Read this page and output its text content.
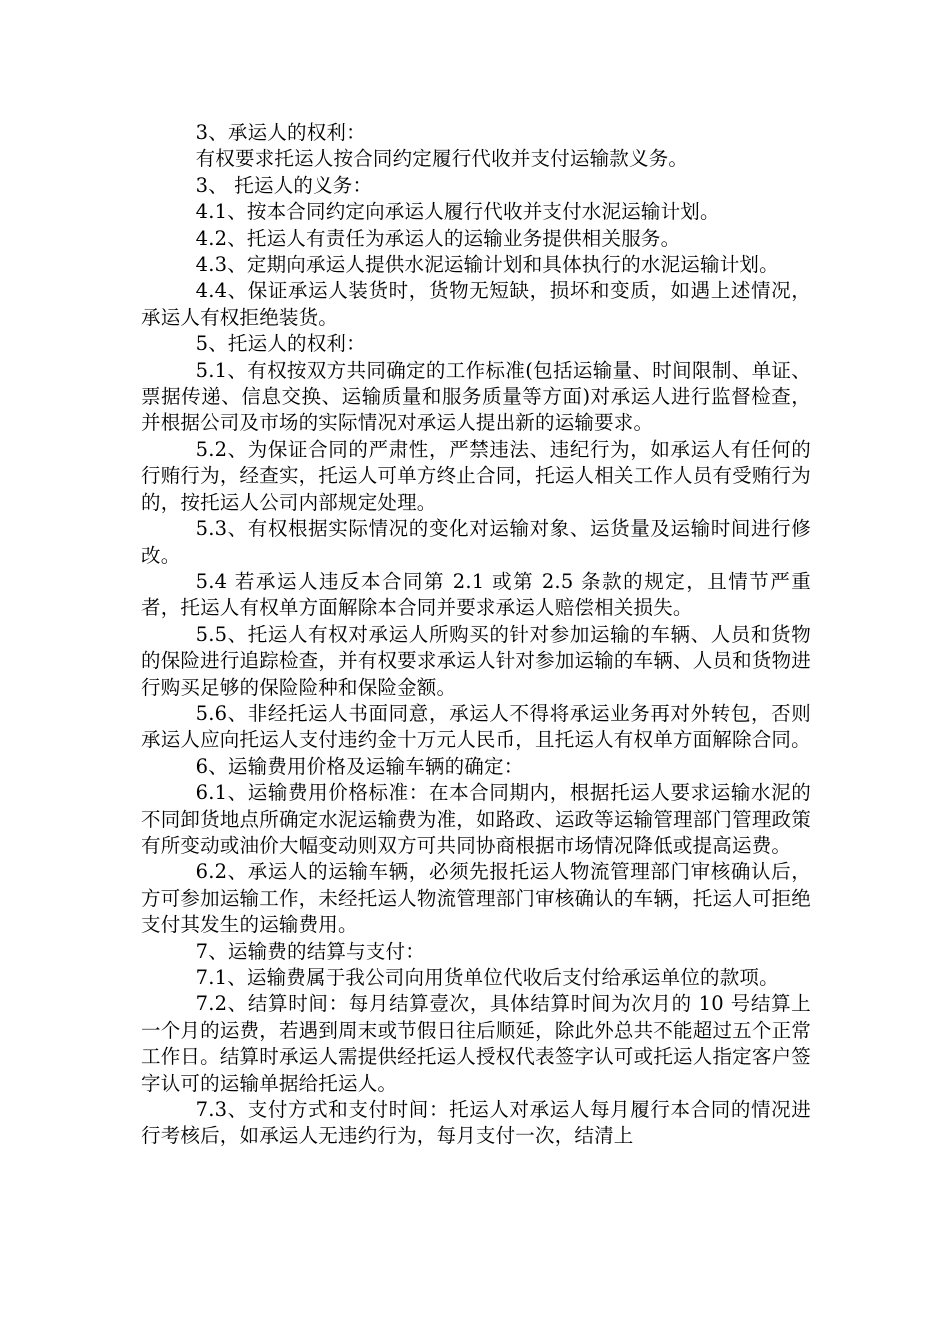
3、承运人的权利：

有权要求托运人按合同约定履行代收并支付运输款义务。

3、 托运人的义务：

4.1、按本合同约定向承运人履行代收并支付水泥运输计划。

4.2、托运人有责任为承运人的运输业务提供相关服务。

4.3、定期向承运人提供水泥运输计划和具体执行的水泥运输计划。

4.4、保证承运人装货时，货物无短缺，损坏和变质，如遇上述情况，承运人有权拒绝装货。

5、托运人的权利：

5.1、有权按双方共同确定的工作标准(包括运输量、时间限制、单证、票据传递、信息交换、运输质量和服务质量等方面)对承运人进行监督检查，并根据公司及市场的实际情况对承运人提出新的运输要求。

5.2、为保证合同的严肃性，严禁违法、违纪行为，如承运人有任何的行贿行为，经查实，托运人可单方终止合同，托运人相关工作人员有受贿行为的，按托运人公司内部规定处理。

5.3、有权根据实际情况的变化对运输对象、运货量及运输时间进行修改。

5.4 若承运人违反本合同第 2.1 或第 2.5 条款的规定，且情节严重者，托运人有权单方面解除本合同并要求承运人赔偿相关损失。

5.5、托运人有权对承运人所购买的针对参加运输的车辆、人员和货物的保险进行追踪检查，并有权要求承运人针对参加运输的车辆、人员和货物进行购买足够的保险险种和保险金额。

5.6、非经托运人书面同意，承运人不得将承运业务再对外转包，否则承运人应向托运人支付违约金十万元人民币，且托运人有权单方面解除合同。

6、运输费用价格及运输车辆的确定：

6.1、运输费用价格标准：在本合同期内，根据托运人要求运输水泥的不同卸货地点所确定水泥运输费为准，如路政、运政等运输管理部门管理政策有所变动或油价大幅变动则双方可共同协商根据市场情况降低或提高运费。

6.2、承运人的运输车辆，必须先报托运人物流管理部门审核确认后，方可参加运输工作，未经托运人物流管理部门审核确认的车辆，托运人可拒绝支付其发生的运输费用。

7、运输费的结算与支付：

7.1、运输费属于我公司向用货单位代收后支付给承运单位的款项。

7.2、结算时间：每月结算壹次，具体结算时间为次月的 10 号结算上一个月的运费，若遇到周末或节假日往后顺延，除此外总共不能超过五个正常工作日。结算时承运人需提供经托运人授权代表签字认可或托运人指定客户签字认可的运输单据给托运人。

7.3、支付方式和支付时间：托运人对承运人每月履行本合同的情况进行考核后，如承运人无违约行为，每月支付一次，结清上
